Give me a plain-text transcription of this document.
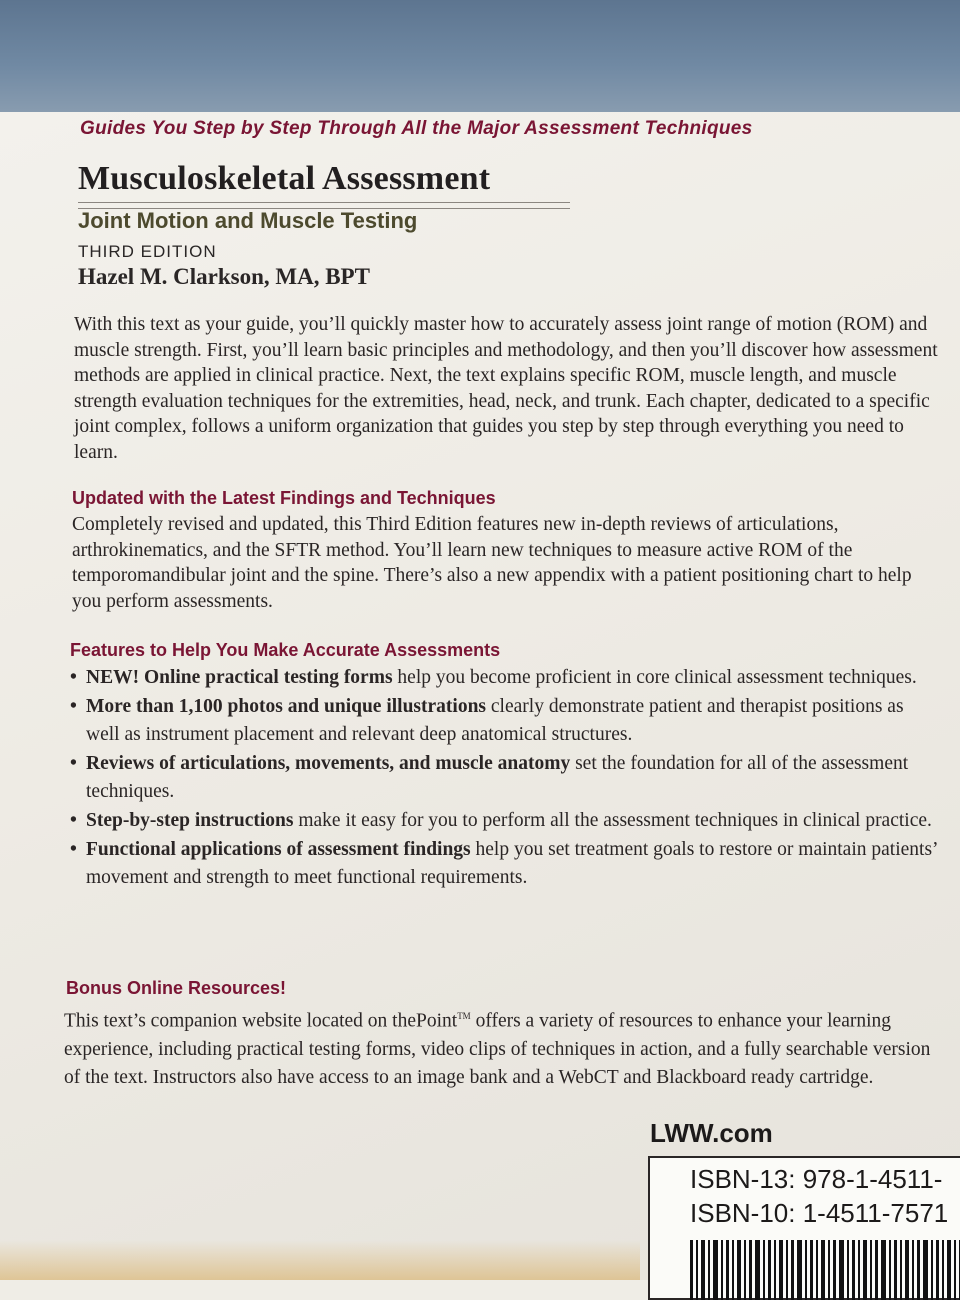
Guides You Step by Step Through All the Major Assessment Techniques
Musculoskeletal Assessment
Joint Motion and Muscle Testing
THIRD EDITION
Hazel M. Clarkson, MA, BPT
With this text as your guide, you’ll quickly master how to accurately assess joint range of motion (ROM) and muscle strength. First, you’ll learn basic principles and methodology, and then you’ll discover how assessment methods are applied in clinical practice. Next, the text explains specific ROM, muscle length, and muscle strength evaluation techniques for the extremities, head, neck, and trunk. Each chapter, dedicated to a specific joint complex, follows a uniform organization that guides you step by step through everything you need to learn.
Updated with the Latest Findings and Techniques
Completely revised and updated, this Third Edition features new in-depth reviews of articulations, arthrokinematics, and the SFTR method. You’ll learn new techniques to measure active ROM of the temporomandibular joint and the spine. There’s also a new appendix with a patient positioning chart to help you perform assessments.
Features to Help You Make Accurate Assessments
• NEW! Online practical testing forms help you become proficient in core clinical assessment techniques.
• More than 1,100 photos and unique illustrations clearly demonstrate patient and therapist positions as well as instrument placement and relevant deep anatomical structures.
• Reviews of articulations, movements, and muscle anatomy set the foundation for all of the assessment techniques.
• Step-by-step instructions make it easy for you to perform all the assessment techniques in clinical practice.
• Functional applications of assessment findings help you set treatment goals to restore or maintain patients’ movement and strength to meet functional requirements.
Bonus Online Resources!
This text’s companion website located on thePoint™ offers a variety of resources to enhance your learning experience, including practical testing forms, video clips of techniques in action, and a fully searchable version of the text. Instructors also have access to an image bank and a WebCT and Blackboard ready cartridge.
LWW.com
ISBN-13: 978-1-4511-
ISBN-10: 1-4511-7571
